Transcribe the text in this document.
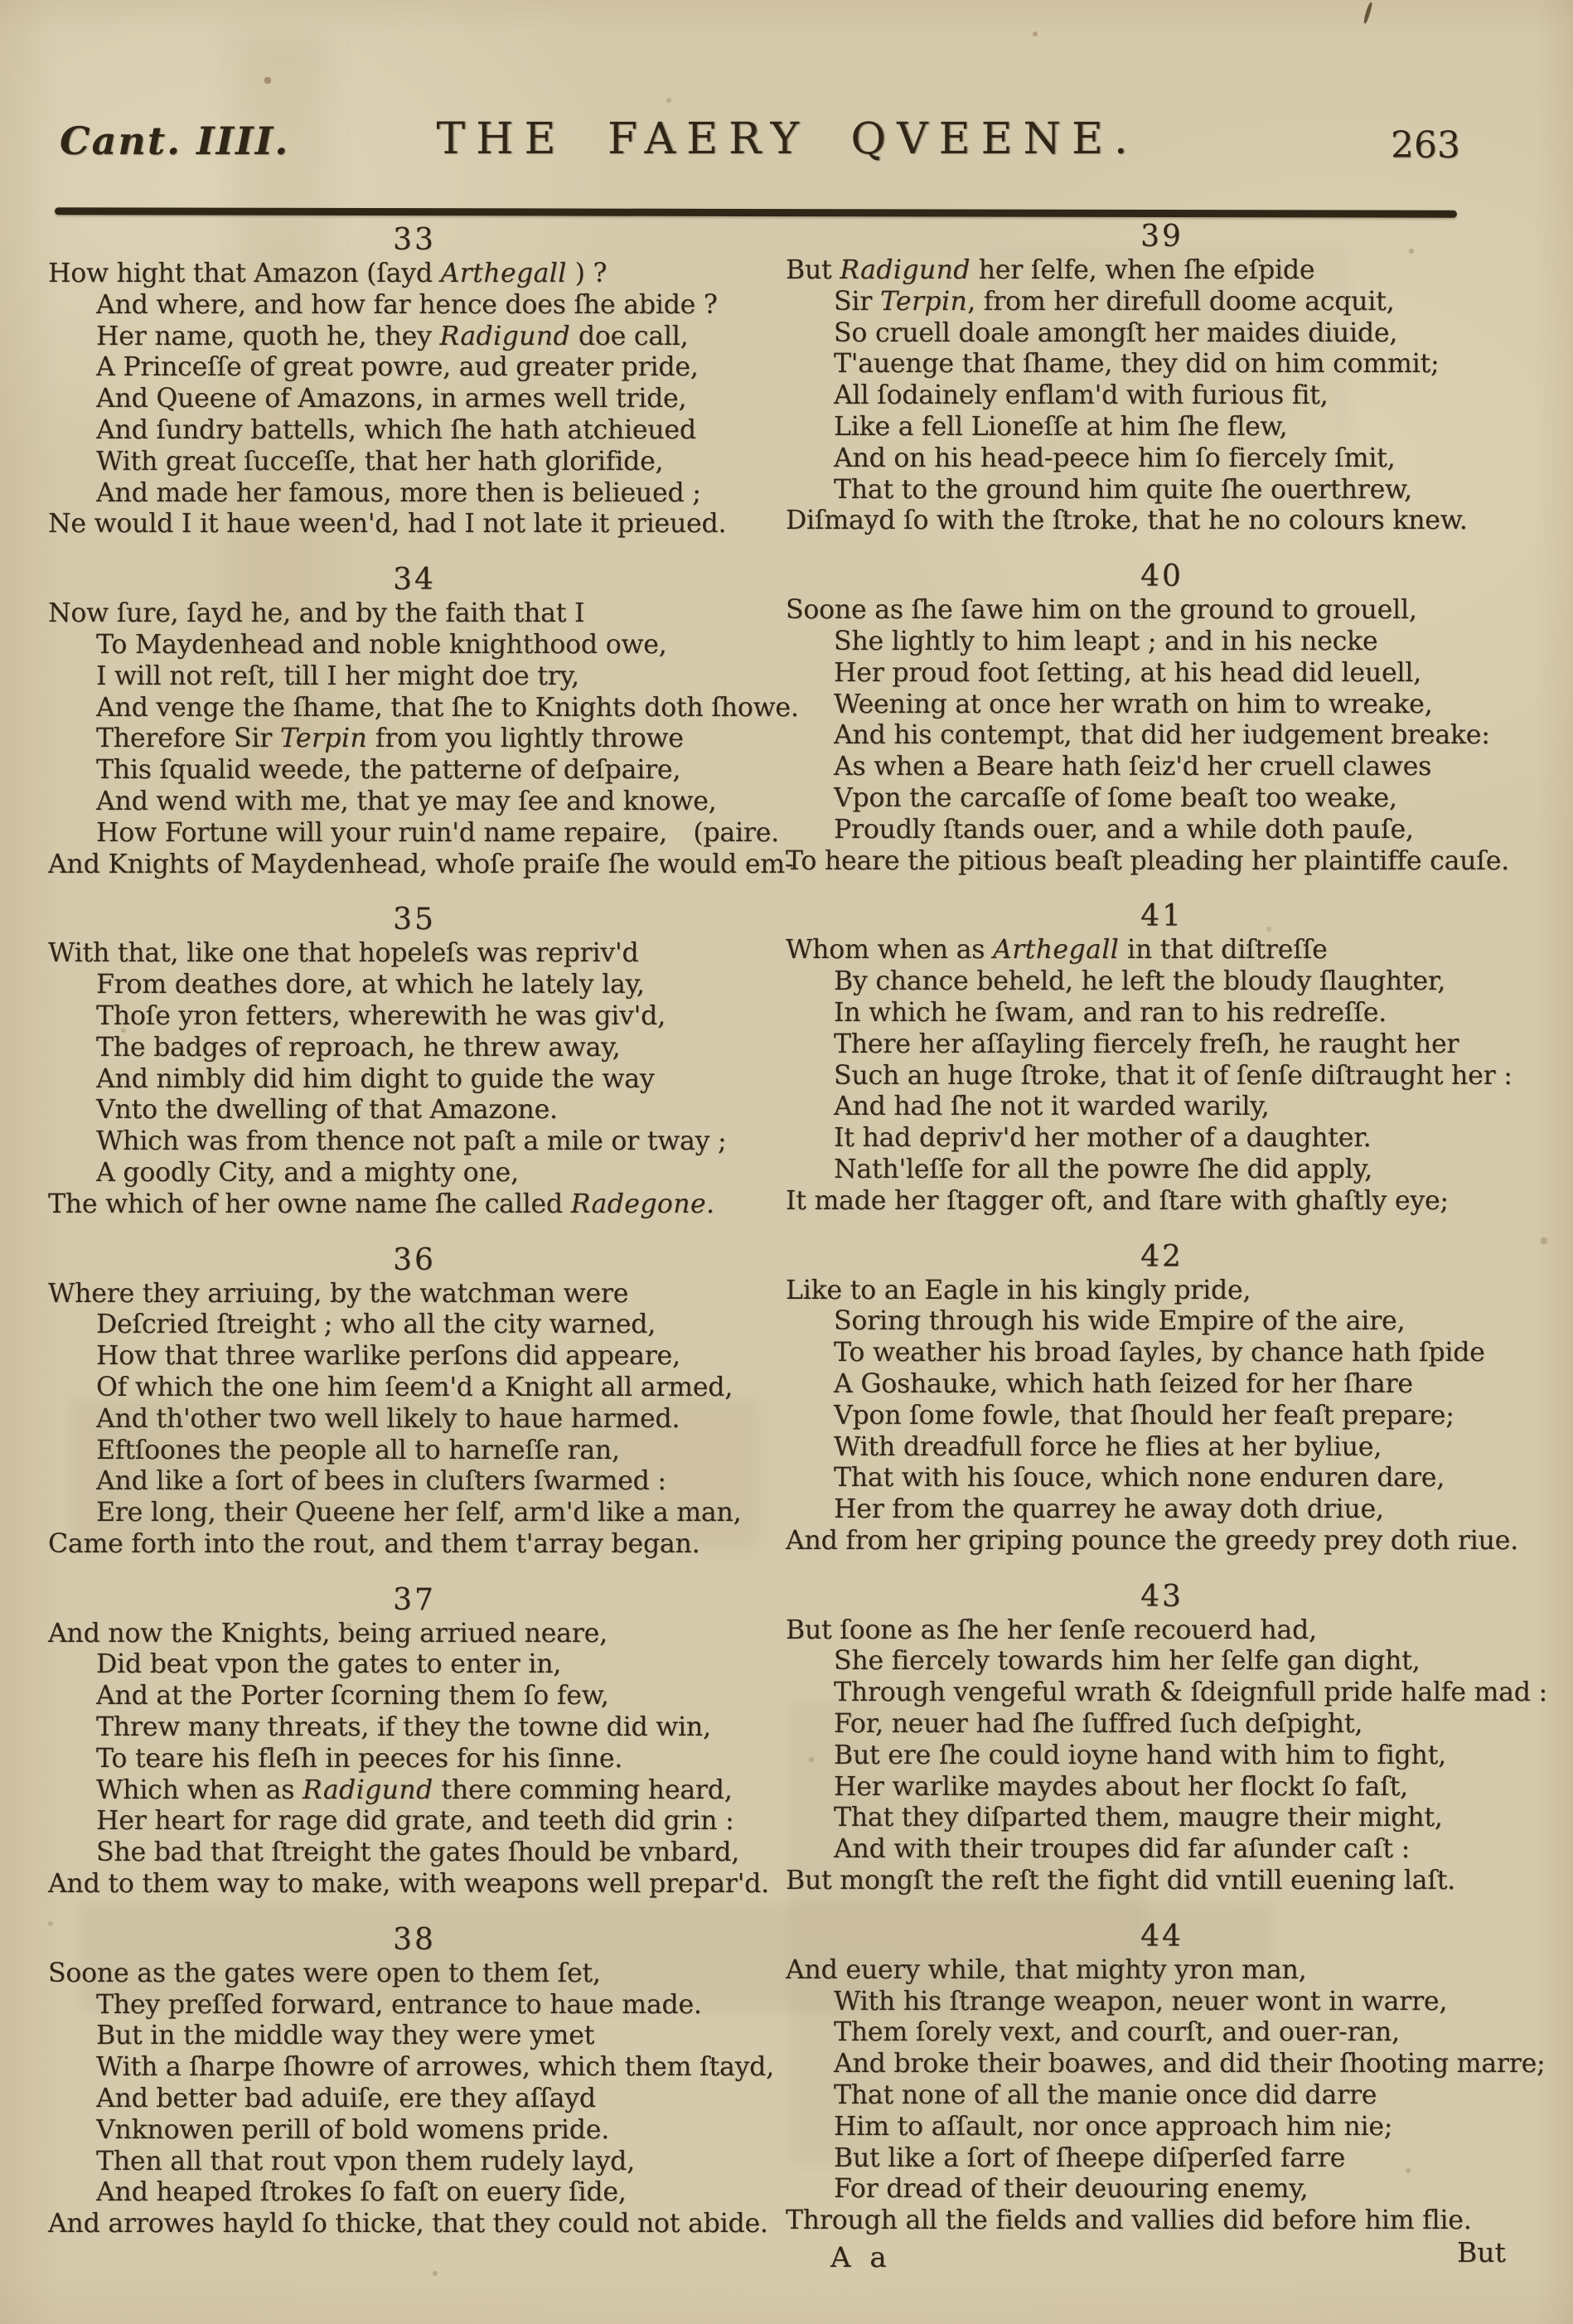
Cant. IIII.	THE FAERY QVEENE.	263
33
How hight that Amazon (ſayd Arthegall ) ?
And where, and how far hence does ſhe abide ?
Her name, quoth he, they Radigund doe call,
A Princeſſe of great powre, aud greater pride,
And Queene of Amazons, in armes well tride,
And ſundry battells, which ſhe hath atchieued
With great ſucceſſe, that her hath glorifide,
And made her famous, more then is belieued ;
Ne would I it haue ween'd, had I not late it prieued.
34
Now ſure, ſayd he, and by the faith that I
To Maydenhead and noble knighthood owe,
I will not reſt, till I her might doe try,
And venge the ſhame, that ſhe to Knights doth ſhowe.
Therefore Sir Terpin from you lightly throwe
This ſqualid weede, the patterne of deſpaire,
And wend with me, that ye may ſee and knowe,
How Fortune will your ruin'd name repaire, (paire.
And Knights of Maydenhead, whoſe praiſe ſhe would em-
35
With that, like one that hopeleſs was repriv'd
From deathes dore, at which he lately lay,
Thoſe yron fetters, wherewith he was giv'd,
The badges of reproach, he threw away,
And nimbly did him dight to guide the way
Vnto the dwelling of that Amazone.
Which was from thence not paſt a mile or tway ;
A goodly City, and a mighty one,
The which of her owne name ſhe called Radegone.
36
Where they arriuing, by the watchman were
Deſcried ſtreight ; who all the city warned,
How that three warlike perſons did appeare,
Of which the one him ſeem'd a Knight all armed,
And th'other two well likely to haue harmed.
Eftſoones the people all to harneſſe ran,
And like a ſort of bees in cluſters ſwarmed :
Ere long, their Queene her ſelf, arm'd like a man,
Came forth into the rout, and them t'array began.
37
And now the Knights, being arriued neare,
Did beat vpon the gates to enter in,
And at the Porter ſcorning them ſo few,
Threw many threats, if they the towne did win,
To teare his fleſh in peeces for his ſinne.
Which when as Radigund there comming heard,
Her heart for rage did grate, and teeth did grin :
She bad that ſtreight the gates ſhould be vnbard,
And to them way to make, with weapons well prepar'd.
38
Soone as the gates were open to them ſet,
They preſſed forward, entrance to haue made.
But in the middle way they were ymet
With a ſharpe ſhowre of arrowes, which them ſtayd,
And better bad aduiſe, ere they aſſayd
Vnknowen perill of bold womens pride.
Then all that rout vpon them rudely layd,
And heaped ſtrokes ſo faſt on euery ſide,
And arrowes hayld ſo thicke, that they could not abide.
39
But Radigund her ſelfe, when ſhe eſpide
Sir Terpin, from her direfull doome acquit,
So cruell doale amongſt her maides diuide,
T'auenge that ſhame, they did on him commit;
All ſodainely enflam'd with furious fit,
Like a fell Lioneſſe at him ſhe flew,
And on his head-peece him ſo fiercely ſmit,
That to the ground him quite ſhe ouerthrew,
Diſmayd ſo with the ſtroke, that he no colours knew.
40
Soone as ſhe ſawe him on the ground to grouell,
She lightly to him leapt ; and in his necke
Her proud foot ſetting, at his head did leuell,
Weening at once her wrath on him to wreake,
And his contempt, that did her iudgement breake:
As when a Beare hath ſeiz'd her cruell clawes
Vpon the carcaſſe of ſome beaſt too weake,
Proudly ſtands ouer, and a while doth pauſe,
To heare the pitious beaſt pleading her plaintiffe cauſe.
41
Whom when as Arthegall in that diſtreſſe
By chance beheld, he left the bloudy ſlaughter,
In which he ſwam, and ran to his redreſſe.
There her aſſayling fiercely freſh, he raught her
Such an huge ſtroke, that it of ſenſe diſtraught her :
And had ſhe not it warded warily,
It had depriv'd her mother of a daughter.
Nath'leſſe for all the powre ſhe did apply,
It made her ſtagger oft, and ſtare with ghaſtly eye;
42
Like to an Eagle in his kingly pride,
Soring through his wide Empire of the aire,
To weather his broad ſayles, by chance hath ſpide
A Goshauke, which hath ſeized for her ſhare
Vpon ſome fowle, that ſhould her feaſt prepare;
With dreadfull force he flies at her byliue,
That with his ſouce, which none enduren dare,
Her from the quarrey he away doth driue,
And from her griping pounce the greedy prey doth riue.
43
But ſoone as ſhe her ſenſe recouerd had,
She fiercely towards him her ſelfe gan dight,
Through vengeful wrath & ſdeignfull pride halfe mad :
For, neuer had ſhe ſuffred ſuch deſpight,
But ere ſhe could ioyne hand with him to fight,
Her warlike maydes about her flockt ſo faſt,
That they diſparted them, maugre their might,
And with their troupes did far aſunder caſt :
But mongſt the reſt the fight did vntill euening laſt.
44
And euery while, that mighty yron man,
With his ſtrange weapon, neuer wont in warre,
Them ſorely vext, and courſt, and ouer-ran,
And broke their boawes, and did their ſhooting marre;
That none of all the manie once did darre
Him to aſſault, nor once approach him nie;
But like a ſort of ſheepe diſperſed farre
For dread of their deuouring enemy,
Through all the fields and vallies did before him flie.
A a	But
